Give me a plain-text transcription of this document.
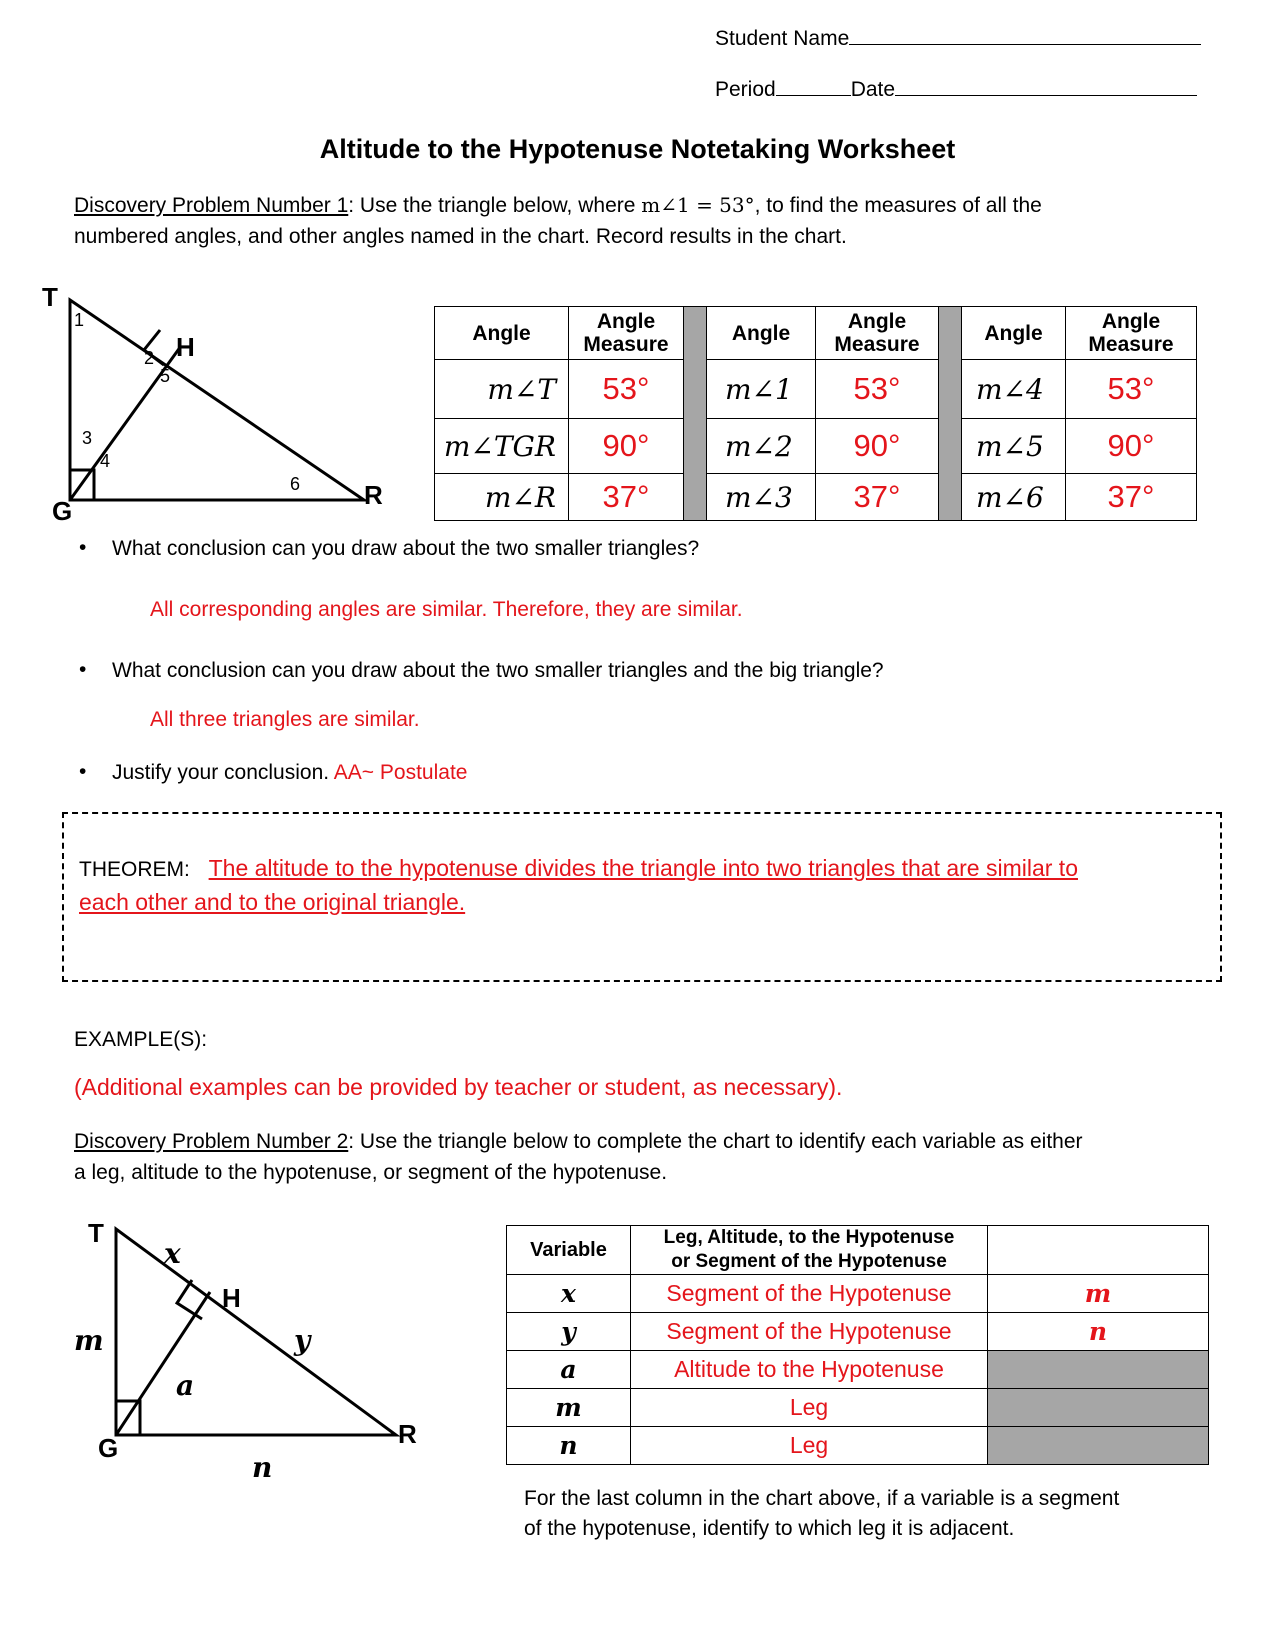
Student Name
Period	Date
Altitude to the Hypotenuse Notetaking Worksheet
Discovery Problem Number 1: Use the triangle below, where m∠1 = 53°, to find the measures of all the
numbered angles, and other angles named in the chart. Record results in the chart.
T
H
G
R
1
2
3
4
5
6
Angle	Angle Measure		Angle	Angle Measure		Angle	Angle Measure
m∠T	53°		m∠1	53°		m∠4	53°
m∠TGR	90°		m∠2	90°		m∠5	90°
m∠R	37°		m∠3	37°		m∠6	37°
• What conclusion can you draw about the two smaller triangles?
All corresponding angles are similar. Therefore, they are similar.
• What conclusion can you draw about the two smaller triangles and the big triangle?
All three triangles are similar.
• Justify your conclusion. AA~ Postulate
THEOREM: The altitude to the hypotenuse divides the triangle into two triangles that are similar to
each other and to the original triangle.
EXAMPLE(S):
(Additional examples can be provided by teacher or student, as necessary).
Discovery Problem Number 2: Use the triangle below to complete the chart to identify each variable as either
a leg, altitude to the hypotenuse, or segment of the hypotenuse.
T
H
G	R
x
y
m
a
n
Variable	Leg, Altitude, to the Hypotenuse
or Segment of the Hypotenuse	
x	Segment of the Hypotenuse	m
y	Segment of the Hypotenuse	n
a	Altitude to the Hypotenuse	
m	Leg	
n	Leg	
For the last column in the chart above, if a variable is a segment
of the hypotenuse, identify to which leg it is adjacent.
